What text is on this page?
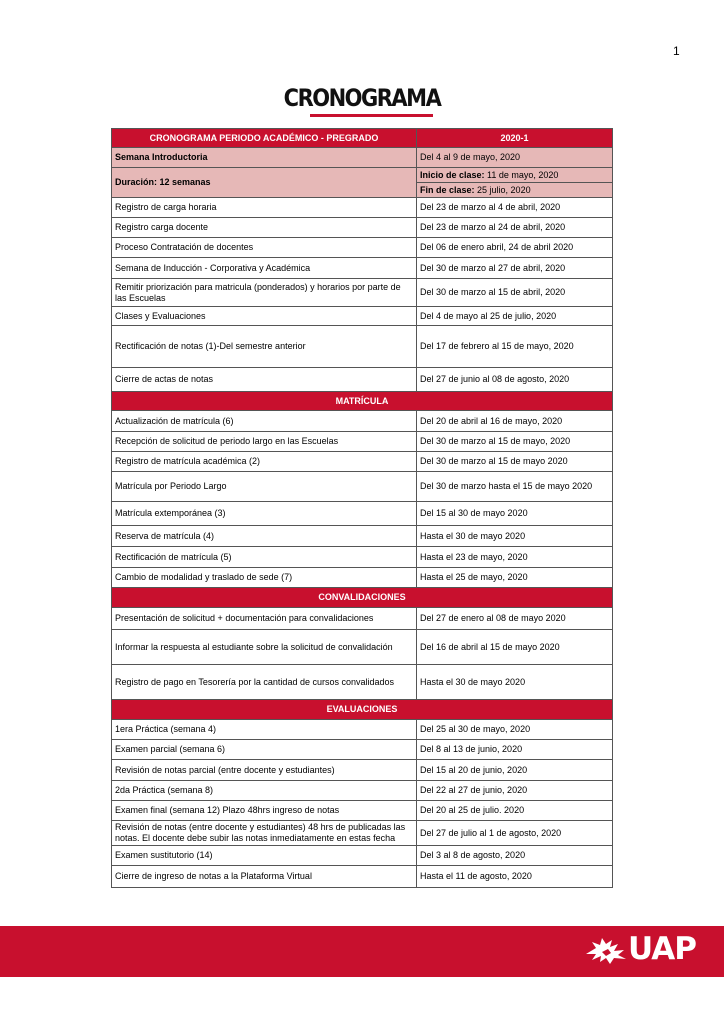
1
CRONOGRAMA
CRONOGRAMA PERIODO ACADÉMICO - PREGRADO	2020-1
Semana Introductoria	Del 4 al 9 de mayo, 2020
Duración: 12 semanas	Inicio de clase: 11 de mayo, 2020
	Fin de clase: 25 julio, 2020
Registro de carga horaria	Del 23 de marzo al 4 de abril, 2020
Registro carga docente	Del 23 de marzo al 24 de abril, 2020
Proceso Contratación de docentes	Del 06 de enero abril, 24 de abril 2020
Semana de Inducción - Corporativa y Académica	Del 30 de marzo al 27 de abril, 2020
Remitir priorización para matricula (ponderados) y horarios por parte de las Escuelas	Del 30 de marzo al 15 de abril, 2020
Clases y Evaluaciones	Del 4 de mayo al 25 de julio, 2020
Rectificación de notas (1)-Del semestre anterior	Del 17 de febrero al 15 de mayo, 2020
Cierre de actas de notas	Del 27 de junio al 08 de agosto, 2020
MATRÍCULA	
Actualización de matrícula (6)	Del 20 de abril al 16 de mayo, 2020
Recepción de solicitud de periodo largo en las Escuelas	Del 30 de marzo al 15 de mayo, 2020
Registro de matrícula académica (2)	Del 30 de marzo al 15 de mayo 2020
Matrícula por Periodo Largo	Del 30 de marzo hasta el 15 de mayo 2020
Matrícula extemporánea (3)	Del 15 al 30 de mayo 2020
Reserva de matrícula (4)	Hasta el 30 de mayo 2020
Rectificación de matrícula (5)	Hasta el 23 de mayo, 2020
Cambio de modalidad y traslado de sede (7)	Hasta el 25 de mayo, 2020
CONVALIDACIONES	
Presentación de solicitud + documentación para convalidaciones	Del 27 de enero al 08 de mayo 2020
Informar la respuesta al estudiante sobre la solicitud de convalidación	Del 16 de abril al 15 de mayo 2020
Registro de pago en Tesorería por la cantidad de cursos convalidados	Hasta el 30 de mayo 2020
EVALUACIONES	
1era Práctica (semana 4)	Del 25 al 30 de mayo, 2020
Examen parcial (semana 6)	Del 8 al 13 de junio, 2020
Revisión de notas parcial (entre docente y estudiantes)	Del 15 al 20 de junio, 2020
2da Práctica (semana 8)	Del 22 al 27 de junio, 2020
Examen final (semana 12) Plazo 48hrs ingreso de notas	Del 20 al 25 de julio. 2020
Revisión de notas (entre docente y estudiantes) 48 hrs de publicadas las notas. El docente debe subir las notas inmediatamente en estas fecha	Del 27 de julio al 1 de agosto, 2020
Examen sustitutorio (14)	Del 3 al 8 de agosto, 2020
Cierre de ingreso de notas a la Plataforma Virtual	Hasta el 11 de agosto, 2020
UAP
